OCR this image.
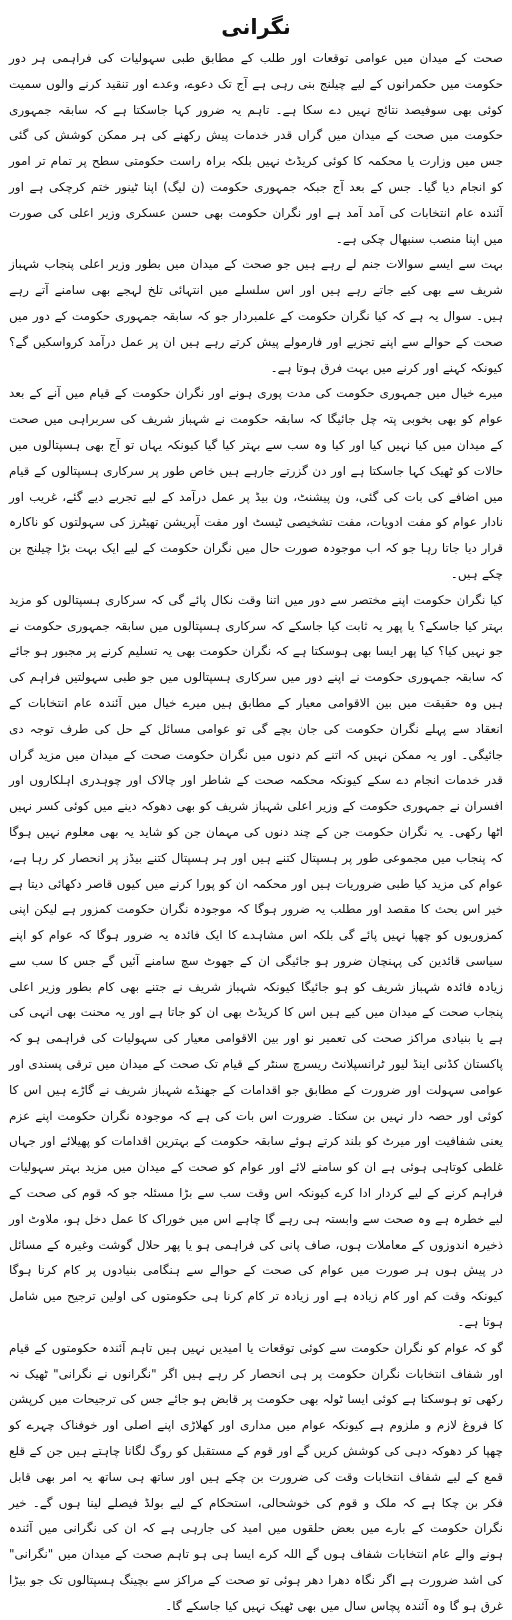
نگرانی

صحت کے میدان میں عوامی توقعات اور طلب کے مطابق طبی سہولیات کی فراہمی ہر دور حکومت میں حکمرانوں کے لیے چیلنج بنی رہی ہے آج تک دعوے، وعدے اور تنقید کرنے والوں سمیت کوئی بھی سوفیصد نتائج نہیں دے سکا ہے۔ تاہم یہ ضرور کہا جاسکتا ہے کہ سابقہ جمہوری حکومت میں صحت کے میدان میں گراں قدر خدمات پیش رکھنے کی ہر ممکن کوشش کی گئی جس میں وزارت یا محکمہ کا کوئی کریڈٹ نہیں بلکہ براہ راست حکومتی سطح پر تمام تر امور کو انجام دیا گیا۔ جس کے بعد آج جبکہ جمہوری حکومت (ن لیگ) اپنا ٹینور ختم کرچکی ہے اور آئندہ عام انتخابات کی آمد آمد ہے اور نگران حکومت بھی حسن عسکری وزیر اعلی کی صورت میں اپنا منصب سنبھال چکی ہے۔

بہت سے ایسے سوالات جنم لے رہے ہیں جو صحت کے میدان میں بطور وزیر اعلی پنجاب شہباز شریف سے بھی کیے جاتے رہے ہیں اور اس سلسلے میں انتہائی تلخ لہجے بھی سامنے آتے رہے ہیں۔ سوال یہ ہے کہ کیا نگران حکومت کے علمبردار جو کہ سابقہ جمہوری حکومت کے دور میں صحت کے حوالے سے اپنے تجزیے اور فارمولے پیش کرتے رہے ہیں ان پر عمل درآمد کرواسکیں گے؟ کیونکہ کہنے اور کرنے میں بہت فرق ہوتا ہے۔

میرے خیال میں جمہوری حکومت کی مدت پوری ہونے اور نگران حکومت کے قیام میں آنے کے بعد عوام کو بھی بخوبی پتہ چل جائیگا کہ سابقہ حکومت نے شہباز شریف کی سربراہی میں صحت کے میدان میں کیا نہیں کیا اور کیا وہ سب سے بہتر کیا گیا کیونکہ یہاں تو آج بھی ہسپتالوں میں حالات کو ٹھیک کہا جاسکتا ہے اور دن گزرتے جارہے ہیں خاص طور پر سرکاری ہسپتالوں کے قیام میں اضافے کی بات کی گئی، ون پیشنٹ، ون بیڈ پر عمل درآمد کے لیے تجربے دیے گئے، غریب اور نادار عوام کو مفت ادویات، مفت تشخیصی ٹیسٹ اور مفت آپریشن تھیٹرز کی سہولتوں کو ناکارہ قرار دیا جاتا رہا جو کہ اب موجودہ صورت حال میں نگران حکومت کے لیے ایک بہت بڑا چیلنج بن چکے ہیں۔

کیا نگران حکومت اپنے مختصر سے دور میں اتنا وقت نکال پائے گی کہ سرکاری ہسپتالوں کو مزید بہتر کیا جاسکے؟ یا پھر یہ ثابت کیا جاسکے کہ سرکاری ہسپتالوں میں سابقہ جمہوری حکومت نے جو نہیں کیا؟ کیا پھر ایسا بھی ہوسکتا ہے کہ نگران حکومت بھی یہ تسلیم کرنے پر مجبور ہو جائے کہ سابقہ جمہوری حکومت نے اپنے دور میں سرکاری ہسپتالوں میں جو طبی سہولتیں فراہم کی ہیں وہ حقیقت میں بین الاقوامی معیار کے مطابق ہیں میرے خیال میں آئندہ عام انتخابات کے انعقاد سے پہلے نگران حکومت کی جان بچے گی تو عوامی مسائل کے حل کی طرف توجہ دی جائیگی۔ اور یہ ممکن نہیں کہ اتنے کم دنوں میں نگران حکومت صحت کے میدان میں مزید گراں قدر خدمات انجام دے سکے کیونکہ محکمہ صحت کے شاطر اور چالاک اور چوہدری اہلکاروں اور افسران نے جمہوری حکومت کے وزیر اعلی شہباز شریف کو بھی دھوکہ دینے میں کوئی کسر نہیں اٹھا رکھی۔ یہ نگران حکومت جن کے چند دنوں کی مہمان جن کو شاید یہ بھی معلوم نہیں ہوگا کہ پنجاب میں مجموعی طور پر ہسپتال کتنے ہیں اور ہر ہسپتال کتنے بیڈز پر انحصار کر رہا ہے، عوام کی مزید کیا طبی ضروریات ہیں اور محکمہ ان کو پورا کرنے میں کیوں قاصر دکھائی دیتا ہے خیر اس بحث کا مقصد اور مطلب یہ ضرور ہوگا کہ موجودہ نگران حکومت کمزور ہے لیکن اپنی کمزوریوں کو چھپا نہیں پائے گی بلکہ اس مشاہدے کا ایک فائدہ یہ ضرور ہوگا کہ عوام کو اپنے سیاسی قائدین کی پہنچان ضرور ہو جائیگی ان کے جھوٹ سچ سامنے آئیں گے جس کا سب سے زیادہ فائدہ شہباز شریف کو ہو جائیگا کیونکہ شہباز شریف نے جتنے بھی کام بطور وزیر اعلی پنجاب صحت کے میدان میں کیے ہیں اس کا کریڈٹ بھی ان کو جاتا ہے اور یہ محنت بھی انہی کی ہے یا بنیادی مراکز صحت کی تعمیر نو اور بین الاقوامی معیار کی سہولیات کی فراہمی ہو کہ پاکستان کڈنی اینڈ لیور ٹرانسپلانٹ ریسرچ سنٹر کے قیام تک صحت کے میدان میں ترقی پسندی اور عوامی سہولت اور ضرورت کے مطابق جو اقدامات کے جھنڈے شہباز شریف نے گاڑے ہیں اس کا کوئی اور حصہ دار نہیں بن سکتا۔ ضرورت اس بات کی ہے کہ موجودہ نگران حکومت اپنے عزم یعنی شفافیت اور میرٹ کو بلند کرتے ہوئے سابقہ حکومت کے بہترین اقدامات کو پھیلائے اور جہاں غلطی کوتاہی ہوئی ہے ان کو سامنے لائے اور عوام کو صحت کے میدان میں مزید بہتر سہولیات فراہم کرنے کے لیے کردار ادا کرے کیونکہ اس وقت سب سے بڑا مسئلہ جو کہ قوم کی صحت کے لیے خطرہ ہے وہ صحت سے وابستہ ہی رہے گا چاہے اس میں خوراک کا عمل دخل ہو، ملاوٹ اور ذخیرہ اندوزوں کے معاملات ہوں، صاف پانی کی فراہمی ہو یا پھر حلال گوشت وغیرہ کے مسائل در پیش ہوں ہر صورت میں عوام کی صحت کے حوالے سے ہنگامی بنیادوں پر کام کرنا ہوگا کیونکہ وقت کم اور کام زیادہ ہے اور زیادہ تر کام کرنا ہی حکومتوں کی اولین ترجیح میں شامل ہوتا ہے۔

گو کہ عوام کو نگران حکومت سے کوئی توقعات یا امیدیں نہیں ہیں تاہم آئندہ حکومتوں کے قیام اور شفاف انتخابات نگران حکومت پر ہی انحصار کر رہے ہیں اگر "نگرانوں نے نگرانی" ٹھیک نہ رکھی تو ہوسکتا ہے کوئی ایسا ٹولہ بھی حکومت پر قابض ہو جائے جس کی ترجیحات میں کرپشن کا فروغ لازم و ملزوم ہے کیونکہ عوام میں مداری اور کھلاڑی اپنے اصلی اور خوفناک چہرے کو چھپا کر دھوکہ دہی کی کوشش کریں گے اور قوم کے مستقبل کو روگ لگانا چاہتے ہیں جن کے قلع قمع کے لیے شفاف انتخابات وقت کی ضرورت بن چکے ہیں اور ساتھ ہی ساتھ یہ امر بھی قابل فکر بن چکا ہے کہ ملک و قوم کی خوشحالی، استحکام کے لیے بولڈ فیصلے لینا ہوں گے۔ خیر نگران حکومت کے بارے میں بعض حلقوں میں امید کی جارہی ہے کہ ان کی نگرانی میں آئندہ ہونے والے عام انتخابات شفاف ہوں گے اللہ کرے ایسا ہی ہو تاہم صحت کے میدان میں "نگرانی" کی اشد ضرورت ہے اگر نگاہ دھرا دھر ہوئی تو صحت کے مراکز سے بچینگ ہسپتالوں تک جو بیڑا غرق ہو گا وہ آئندہ پچاس سال میں بھی ٹھیک نہیں کیا جاسکے گا۔
